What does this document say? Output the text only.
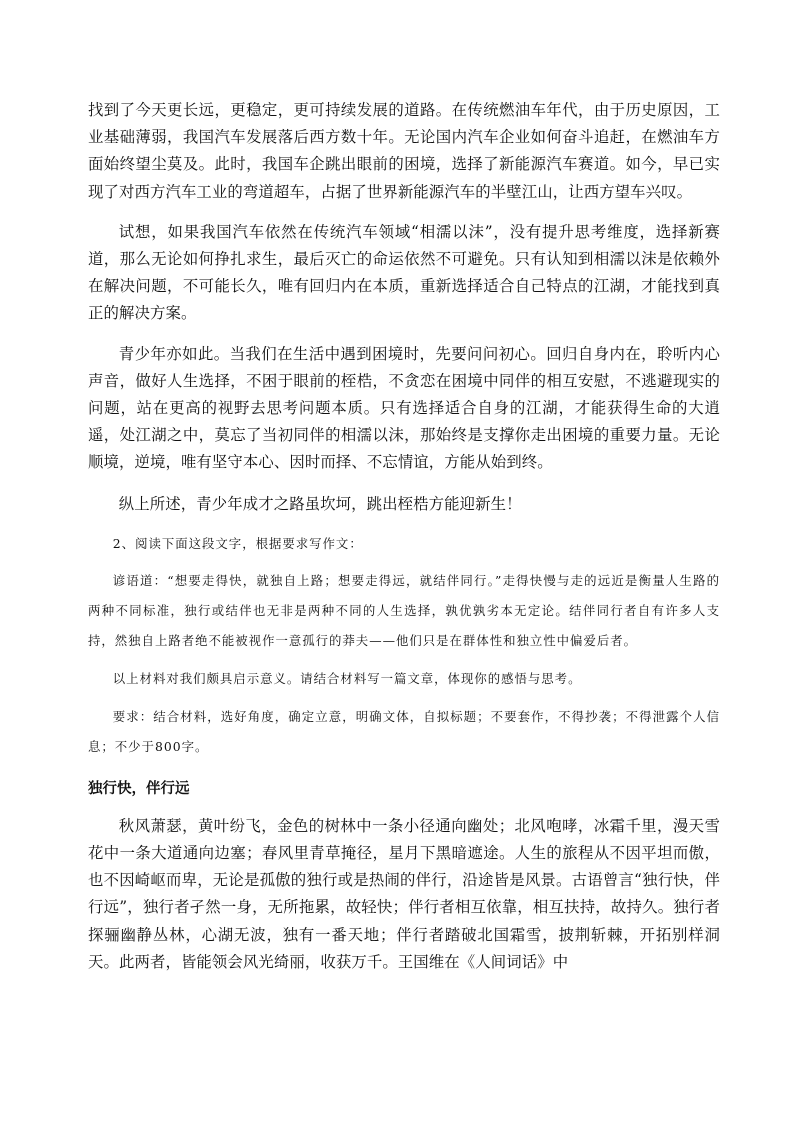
找到了今天更长远，更稳定，更可持续发展的道路。在传统燃油车年代，由于历史原因，工业基础薄弱，我国汽车发展落后西方数十年。无论国内汽车企业如何奋斗追赶，在燃油车方面始终望尘莫及。此时，我国车企跳出眼前的困境，选择了新能源汽车赛道。如今，早已实现了对西方汽车工业的弯道超车，占据了世界新能源汽车的半壁江山，让西方望车兴叹。

试想，如果我国汽车依然在传统汽车领域“相濡以沫”，没有提升思考维度，选择新赛道，那么无论如何挣扎求生，最后灭亡的命运依然不可避免。只有认知到相濡以沫是依赖外在解决问题，不可能长久，唯有回归内在本质，重新选择适合自己特点的江湖，才能找到真正的解决方案。

青少年亦如此。当我们在生活中遇到困境时，先要问问初心。回归自身内在，聆听内心声音，做好人生选择，不困于眼前的桎梏，不贪恋在困境中同伴的相互安慰，不逃避现实的问题，站在更高的视野去思考问题本质。只有选择适合自身的江湖，才能获得生命的大逍遥，处江湖之中，莫忘了当初同伴的相濡以沫，那始终是支撑你走出困境的重要力量。无论顺境，逆境，唯有坚守本心、因时而择、不忘情谊，方能从始到终。

纵上所述，青少年成才之路虽坎坷，跳出桎梏方能迎新生！

2、阅读下面这段文字，根据要求写作文：

谚语道：“想要走得快，就独自上路；想要走得远，就结伴同行。”走得快慢与走的远近是衡量人生路的两种不同标准，独行或结伴也无非是两种不同的人生选择，孰优孰劣本无定论。结伴同行者自有许多人支持，然独自上路者绝不能被视作一意孤行的莽夫——他们只是在群体性和独立性中偏爱后者。

以上材料对我们颇具启示意义。请结合材料写一篇文章，体现你的感悟与思考。

要求：结合材料，选好角度，确定立意，明确文体，自拟标题；不要套作，不得抄袭；不得泄露个人信息；不少于800字。

独行快，伴行远

秋风萧瑟，黄叶纷飞，金色的树林中一条小径通向幽处；北风咆哮，冰霜千里，漫天雪花中一条大道通向边塞；春风里青草掩径，星月下黑暗遮途。人生的旅程从不因平坦而傲，也不因崎岖而卑，无论是孤傲的独行或是热闹的伴行，沿途皆是风景。古语曾言“独行快，伴行远”，独行者孑然一身，无所拖累，故轻快；伴行者相互依靠，相互扶持，故持久。独行者探骊幽静丛林，心湖无波，独有一番天地；伴行者踏破北国霜雪，披荆斩棘，开拓别样洞天。此两者，皆能领会风光绮丽，收获万千。王国维在《人间词话》中
